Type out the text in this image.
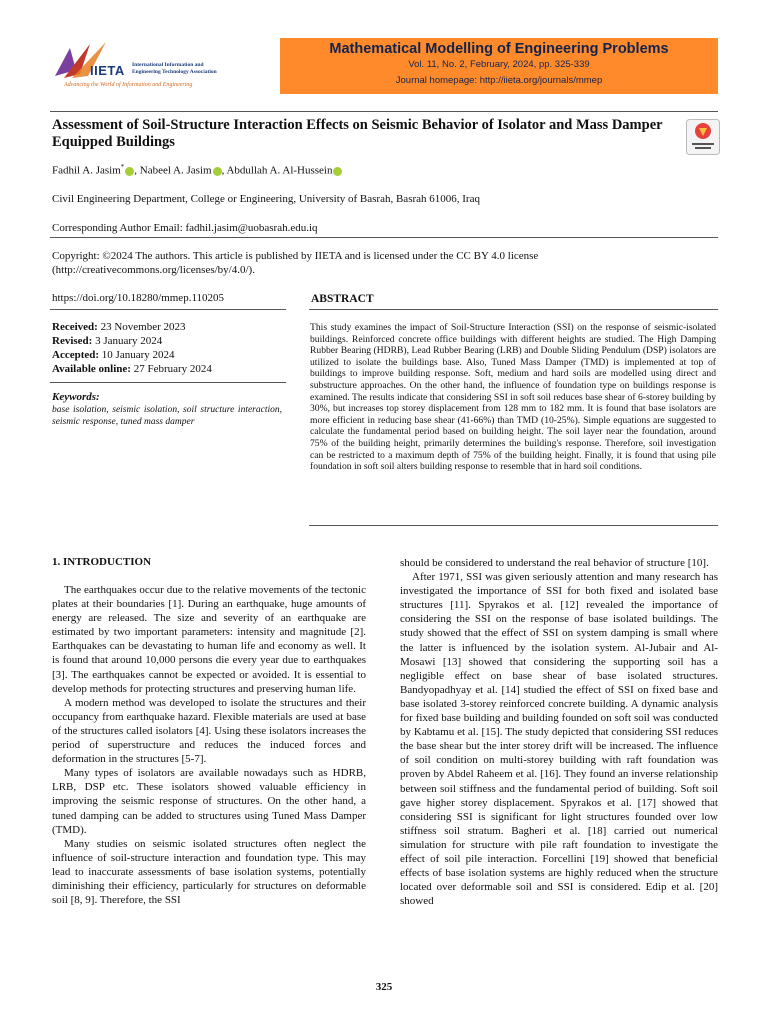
IIETA International Information and
Engineering Technology Association
Advancing the World of Information and Engineering
Mathematical Modelling of Engineering Problems
Vol. 11, No. 2, February, 2024, pp. 325-339
Journal homepage: http://iieta.org/journals/mmep
Assessment of Soil-Structure Interaction Effects on Seismic Behavior of Isolator and Mass Damper Equipped Buildings
Fadhil A. Jasim* , Nabeel A. Jasim , Abdullah A. Al-Hussein
Civil Engineering Department, College or Engineering, University of Basrah, Basrah 61006, Iraq
Corresponding Author Email: fadhil.jasim@uobasrah.edu.iq
Copyright: ©2024 The authors. This article is published by IIETA and is licensed under the CC BY 4.0 license (http://creativecommons.org/licenses/by/4.0/).
https://doi.org/10.18280/mmep.110205
Received: 23 November 2023
Revised: 3 January 2024
Accepted: 10 January 2024
Available online: 27 February 2024
Keywords:
base isolation, seismic isolation, soil structure interaction, seismic response, tuned mass damper
ABSTRACT
This study examines the impact of Soil-Structure Interaction (SSI) on the response of seismic-isolated buildings. Reinforced concrete office buildings with different heights are studied. The High Damping Rubber Bearing (HDRB), Lead Rubber Bearing (LRB) and Double Sliding Pendulum (DSP) isolators are utilized to isolate the buildings base. Also, Tuned Mass Damper (TMD) is implemented at top of buildings to improve building response. Soft, medium and hard soils are modelled using direct and substructure approaches. On the other hand, the influence of foundation type on buildings response is examined. The results indicate that considering SSI in soft soil reduces base shear of 6-storey building by 30%, but increases top storey displacement from 128 mm to 182 mm. It is found that base isolators are more efficient in reducing base shear (41-66%) than TMD (10-25%). Simple equations are suggested to calculate the fundamental period based on building height. The soil layer near the foundation, around 75% of the building height, primarily determines the building's response. Therefore, soil investigation can be restricted to a maximum depth of 75% of the building height. Finally, it is found that using pile foundation in soft soil alters building response to resemble that in hard soil conditions.
1. INTRODUCTION

The earthquakes occur due to the relative movements of the tectonic plates at their boundaries [1]. During an earthquake, huge amounts of energy are released. The size and severity of an earthquake are estimated by two important parameters: intensity and magnitude [2]. Earthquakes can be devastating to human life and economy as well. It is found that around 10,000 persons die every year due to earthquakes [3]. The earthquakes cannot be expected or avoided. It is essential to develop methods for protecting structures and preserving human life.

A modern method was developed to isolate the structures and their occupancy from earthquake hazard. Flexible materials are used at base of the structures called isolators [4]. Using these isolators increases the period of superstructure and reduces the induced forces and deformation in the structures [5-7].

Many types of isolators are available nowadays such as HDRB, LRB, DSP etc. These isolators showed valuable efficiency in improving the seismic response of structures. On the other hand, a tuned damping can be added to structures using Tuned Mass Damper (TMD).

Many studies on seismic isolated structures often neglect the influence of soil-structure interaction and foundation type. This may lead to inaccurate assessments of base isolation systems, potentially diminishing their efficiency, particularly for structures on deformable soil [8, 9]. Therefore, the SSI

should be considered to understand the real behavior of structure [10].

After 1971, SSI was given seriously attention and many research has investigated the importance of SSI for both fixed and isolated base structures [11]. Spyrakos et al. [12] revealed the importance of considering the SSI on the response of base isolated buildings. The study showed that the effect of SSI on system damping is small where the latter is influenced by the isolation system. Al-Jubair and Al-Mosawi [13] showed that considering the supporting soil has a negligible effect on base shear of base isolated structures. Bandyopadhyay et al. [14] studied the effect of SSI on fixed base and base isolated 3-storey reinforced concrete building. A dynamic analysis for fixed base building and building founded on soft soil was conducted by Kabtamu et al. [15]. The study depicted that considering SSI reduces the base shear but the inter storey drift will be increased. The influence of soil condition on multi-storey building with raft foundation was proven by Abdel Raheem et al. [16]. They found an inverse relationship between soil stiffness and the fundamental period of building. Soft soil gave higher storey displacement. Spyrakos et al. [17] showed that considering SSI is significant for light structures founded over low stiffness soil stratum. Bagheri et al. [18] carried out numerical simulation for structure with pile raft foundation to investigate the effect of soil pile interaction. Forcellini [19] showed that beneficial effects of base isolation systems are highly reduced when the structure located over deformable soil and SSI is considered. Edip et al. [20] showed

325
